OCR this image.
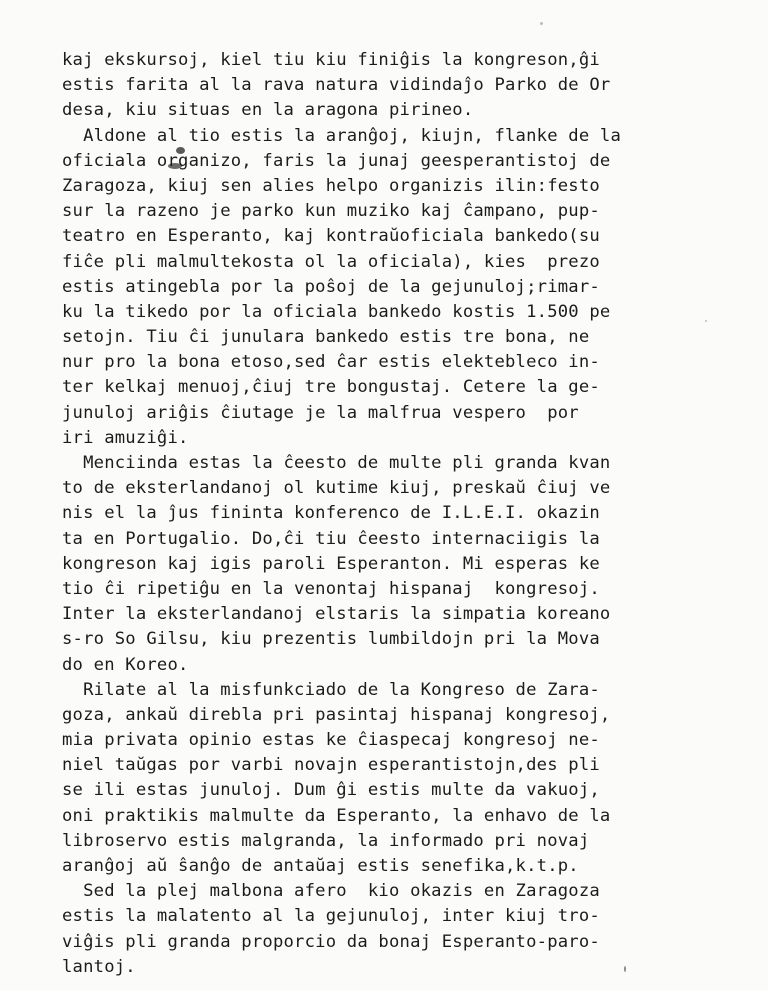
kaj ekskursoj, kiel tiu kiu finiĝis la kongreson,ĝi
estis farita al la rava natura vidindaĵo Parko de Or
desa, kiu situas en la aragona pirineo.
Aldone al tio estis la aranĝoj, kiujn, flanke de la
oficiala organizo, faris la junaj geesperantistoj de
Zaragoza, kiuj sen alies helpo organizis ilin:festo
sur la razeno je parko kun muziko kaj ĉampano, pup-
teatro en Esperanto, kaj kontraŭoficiala bankedo(su
fiĉe pli malmultekosta ol la oficiala), kies  prezo
estis atingebla por la poŝoj de la gejunuloj;rimar-
ku la tikedo por la oficiala bankedo kostis 1.500 pe
setojn. Tiu ĉi junulara bankedo estis tre bona, ne
nur pro la bona etoso,sed ĉar estis elektebleco in-
ter kelkaj menuoj,ĉiuj tre bongustaj. Cetere la ge-
junuloj ariĝis ĉiutage je la malfrua vespero  por
iri amuziĝi.
Menciinda estas la ĉeesto de multe pli granda kvan
to de eksterlandanoj ol kutime kiuj, preskaŭ ĉiuj ve
nis el la ĵus fininta konferenco de I.L.E.I. okazin
ta en Portugalio. Do,ĉi tiu ĉeesto internaciigis la
kongreson kaj igis paroli Esperanton. Mi esperas ke
tio ĉi ripetiĝu en la venontaj hispanaj  kongresoj.
Inter la eksterlandanoj elstaris la simpatia koreano
s-ro So Gilsu, kiu prezentis lumbildojn pri la Mova
do en Koreo.
Rilate al la misfunkciado de la Kongreso de Zara-
goza, ankaŭ direbla pri pasintaj hispanaj kongresoj,
mia privata opinio estas ke ĉiaspecaj kongresoj ne-
niel taŭgas por varbi novajn esperantistojn,des pli
se ili estas junuloj. Dum ĝi estis multe da vakuoj,
oni praktikis malmulte da Esperanto, la enhavo de la
libroservo estis malgranda, la informado pri novaj
aranĝoj aŭ ŝanĝo de antaŭaj estis senefika,k.t.p.
Sed la plej malbona afero  kio okazis en Zaragoza
estis la malatento al la gejunuloj, inter kiuj tro-
viĝis pli granda proporcio da bonaj Esperanto-paro-
lantoj.
